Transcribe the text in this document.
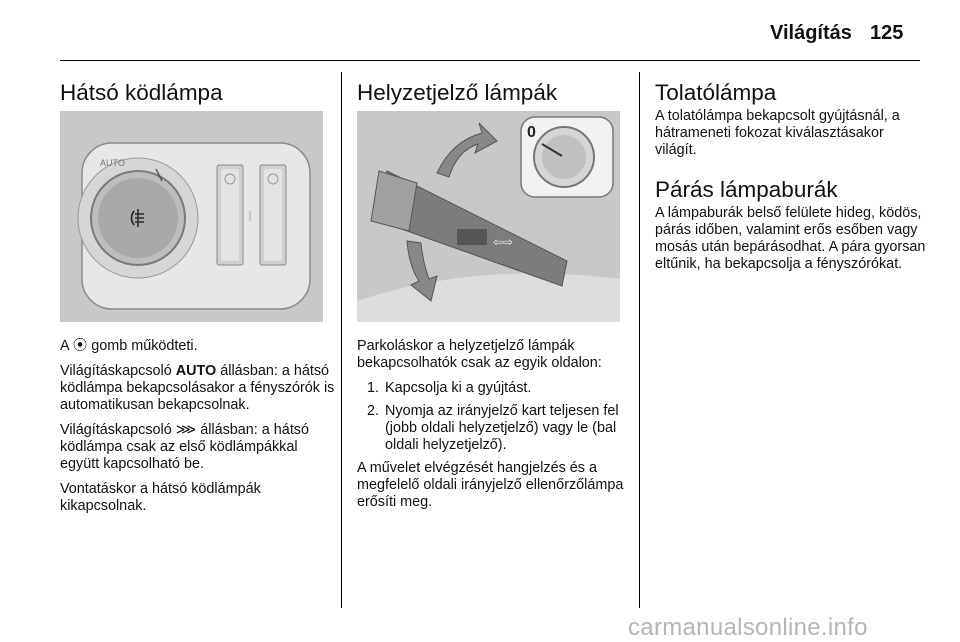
Világítás 125
Hátsó ködlámpa
AUTO

A ⦿ gomb működteti.

Világításkapcsoló AUTO állásban: a hátsó ködlámpa bekapcsolásakor a fényszórók is automatikusan bekapcsolnak.

Világításkapcsoló ⋙ állásban: a hátsó ködlámpa csak az első ködlámpákkal együtt kapcsolható be.

Vontatáskor a hátsó ködlámpák kikapcsolnak.

Helyzetjelző lámpák
0
⇦⇨

Parkoláskor a helyzetjelző lámpák bekapcsolhatók csak az egyik oldalon:

1. Kapcsolja ki a gyújtást.
2. Nyomja az irányjelző kart teljesen fel (jobb oldali helyzetjelző) vagy le (bal oldali helyzetjelző).

A művelet elvégzését hangjelzés és a megfelelő oldali irányjelző ellenőrzőlámpa erősíti meg.

Tolatólámpa

A tolatólámpa bekapcsolt gyújtásnál, a hátrameneti fokozat kiválasztásakor világít.

Párás lámpaburák

A lámpaburák belső felülete hideg, ködös, párás időben, valamint erős esőben vagy mosás után bepárásodhat. A pára gyorsan eltűnik, ha bekapcsolja a fényszórókat.

carmanualsonline.info
